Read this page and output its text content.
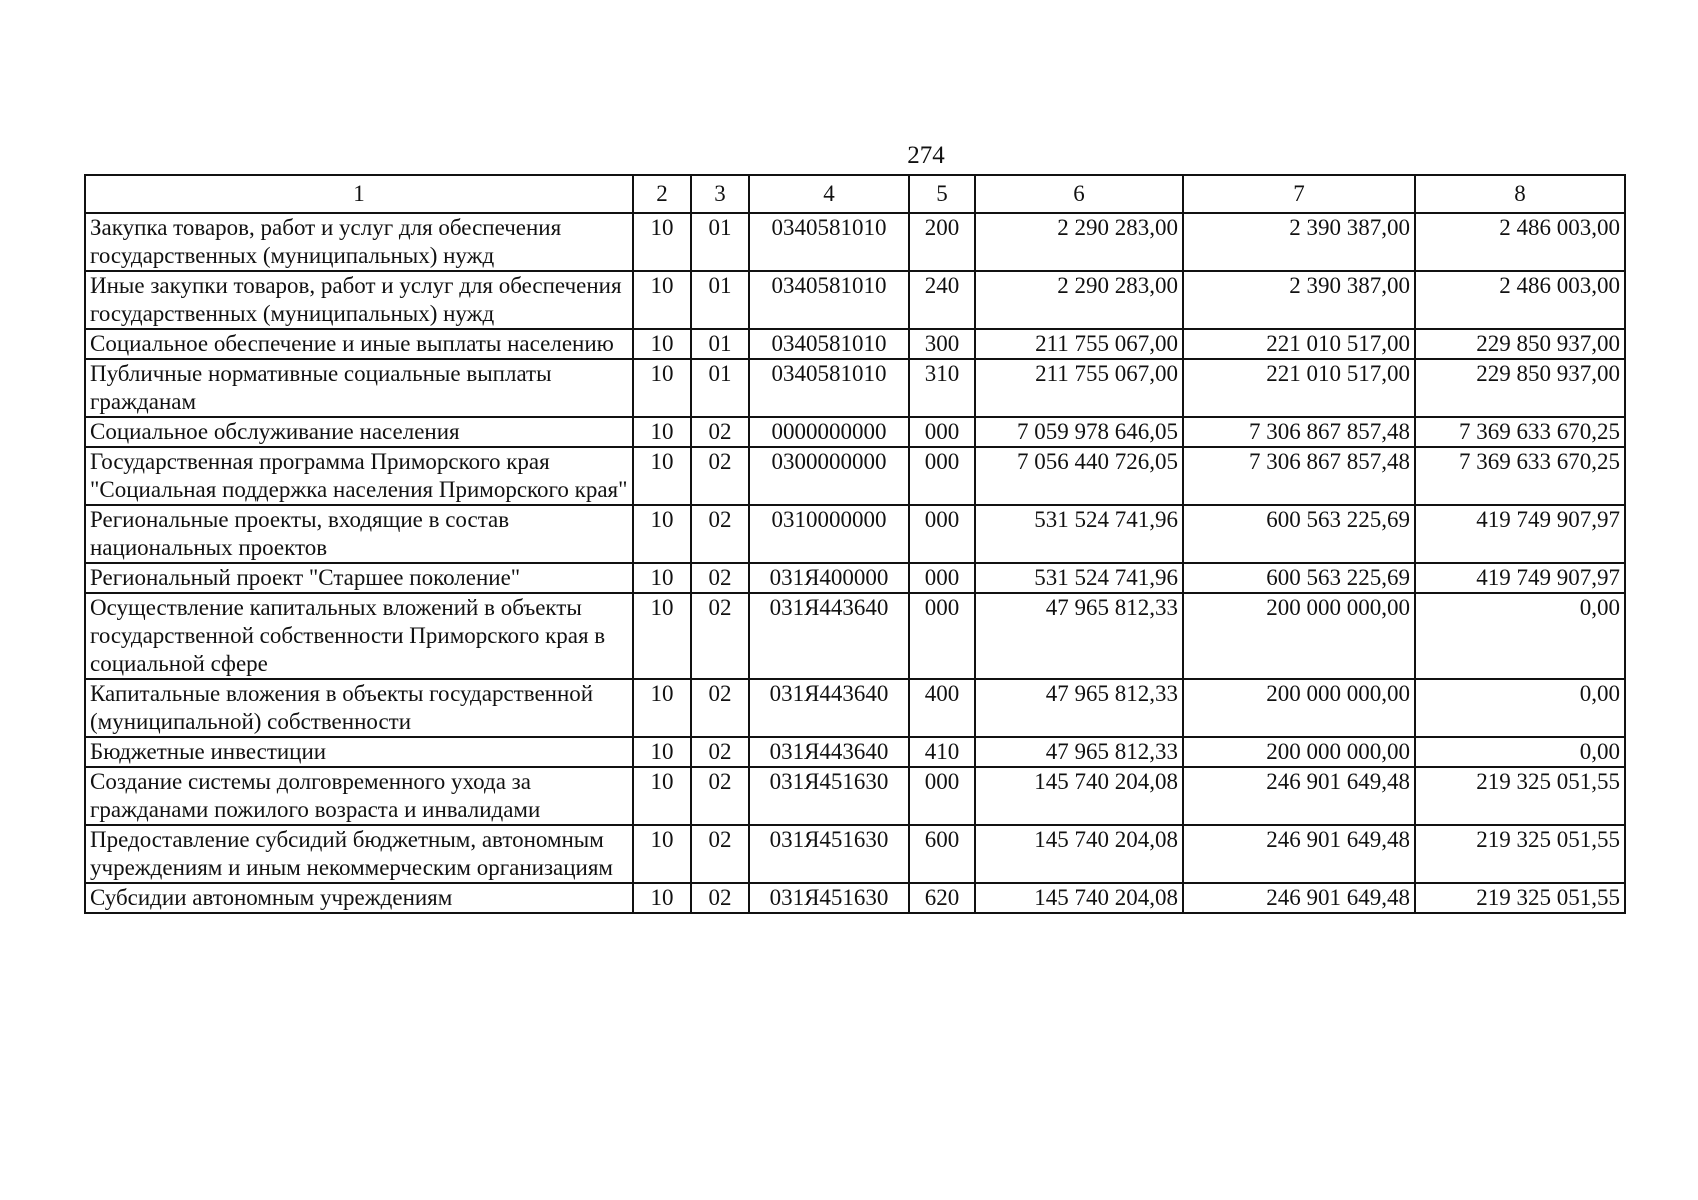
274
1	2	3	4	5	6	7	8
Закупка товаров, работ и услуг для обеспечения государственных (муниципальных) нужд	10	01	0340581010	200	2 290 283,00	2 390 387,00	2 486 003,00
Иные закупки товаров, работ и услуг для обеспечения государственных (муниципальных) нужд	10	01	0340581010	240	2 290 283,00	2 390 387,00	2 486 003,00
Социальное обеспечение и иные выплаты населению	10	01	0340581010	300	211 755 067,00	221 010 517,00	229 850 937,00
Публичные нормативные социальные выплаты гражданам	10	01	0340581010	310	211 755 067,00	221 010 517,00	229 850 937,00
Социальное обслуживание населения	10	02	0000000000	000	7 059 978 646,05	7 306 867 857,48	7 369 633 670,25
Государственная программа Приморского края "Социальная поддержка населения Приморского края"	10	02	0300000000	000	7 056 440 726,05	7 306 867 857,48	7 369 633 670,25
Региональные проекты, входящие в состав национальных проектов	10	02	0310000000	000	531 524 741,96	600 563 225,69	419 749 907,97
Региональный проект "Старшее поколение"	10	02	031Я400000	000	531 524 741,96	600 563 225,69	419 749 907,97
Осуществление капитальных вложений в объекты государственной собственности Приморского края в социальной сфере	10	02	031Я443640	000	47 965 812,33	200 000 000,00	0,00
Капитальные вложения в объекты государственной (муниципальной) собственности	10	02	031Я443640	400	47 965 812,33	200 000 000,00	0,00
Бюджетные инвестиции	10	02	031Я443640	410	47 965 812,33	200 000 000,00	0,00
Создание системы долговременного ухода за гражданами пожилого возраста и инвалидами	10	02	031Я451630	000	145 740 204,08	246 901 649,48	219 325 051,55
Предоставление субсидий бюджетным, автономным учреждениям и иным некоммерческим организациям	10	02	031Я451630	600	145 740 204,08	246 901 649,48	219 325 051,55
Субсидии автономным учреждениям	10	02	031Я451630	620	145 740 204,08	246 901 649,48	219 325 051,55
